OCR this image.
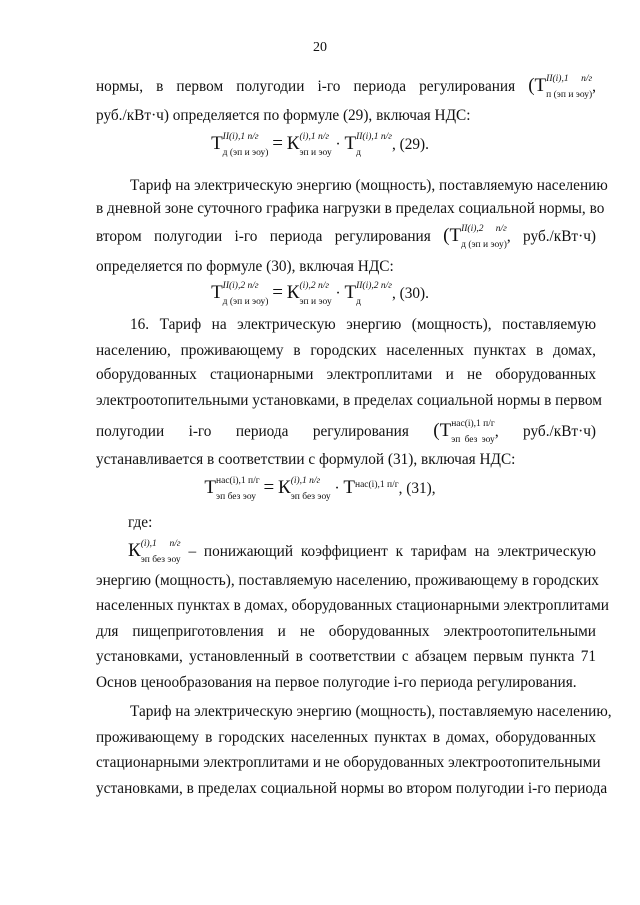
20
нормы, в первом полугодии i-го периода регулирования (Т II(i),1 п/г
п (эп и эоу)
,
руб./кВт·ч) определяется по формуле (29), включая НДС:
Т II(i),1 п/г
д (эп и эоу) = К (i),1 п/г
эп и эоу
· Т II(i),1 п/г
д
, (29).
Тариф на электрическую энергию (мощность), поставляемую населению
в дневной зоне суточного графика нагрузки в пределах социальной нормы, во
втором полугодии i-го периода регулирования (Т II(i),2 п/г
д (эп и эоу)
, руб./кВт·ч)
определяется по формуле (30), включая НДС:
Т II(i),2 п/г
д (эп и эоу) = К (i),2 п/г
эп и эоу
· Т II(i),2 п/г
д
, (30).
16. Тариф на электрическую энергию (мощность), поставляемую
населению, проживающему в городских населенных пунктах в домах,
оборудованных стационарными электроплитами и не оборудованных
электроотопительными установками, в пределах социальной нормы в первом
полугодии i-го периода регулирования (Т нас(i),1 п/г
эп без эоу
, руб./кВт·ч)
устанавливается в соответствии с формулой (31), включая НДС:
Т нас(i),1 п/г
эп без эоу = К (i),1 п/г
эп без эоу
· $Т^{нас(i),1 п/г}$, (31),
где:
К (i),1 п/г
эп без эоу
– понижающий коэффициент к тарифам на электрическую
энергию (мощность), поставляемую населению, проживающему в городских
населенных пунктах в домах, оборудованных стационарными электроплитами
для пищеприготовления и не оборудованных электроотопительными
установками, установленный в соответствии с абзацем первым пункта 71
Основ ценообразования на первое полугодие i-го периода регулирования.
Тариф на электрическую энергию (мощность), поставляемую населению,
проживающему в городских населенных пунктах в домах, оборудованных
стационарными электроплитами и не оборудованных электроотопительными
установками, в пределах социальной нормы во втором полугодии i-го периода
